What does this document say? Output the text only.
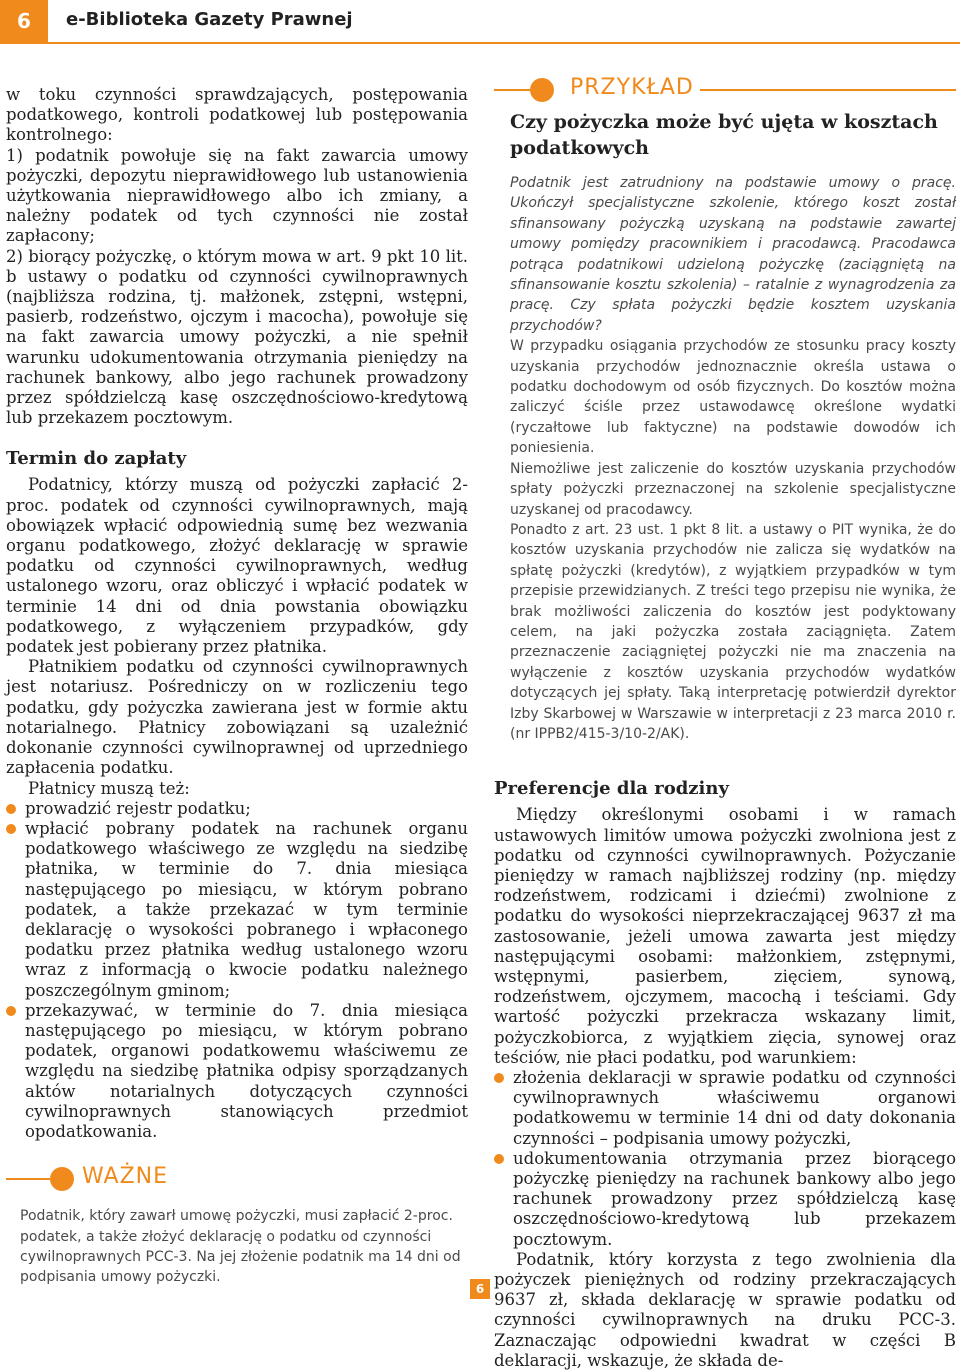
6	e-Biblioteka Gazety Prawnej

w toku czynności sprawdzających, postępowania podatkowego, kontroli podatkowej lub postępowania kontrolnego:

1) podatnik powołuje się na fakt zawarcia umowy pożyczki, depozytu nieprawidłowego lub ustanowienia użytkowania nieprawidłowego albo ich zmiany, a należny podatek od tych czynności nie został zapłacony;

2) biorący pożyczkę, o którym mowa w art. 9 pkt 10 lit. b ustawy o podatku od czynności cywilnoprawnych (najbliższa rodzina, tj. małżonek, zstępni, wstępni, pasierb, rodzeństwo, ojczym i macocha), powołuje się na fakt zawarcia umowy pożyczki, a nie spełnił warunku udokumentowania otrzymania pieniędzy na rachunek bankowy, albo jego rachunek prowadzony przez spółdzielczą kasę oszczędnościowo-kredytową lub przekazem pocztowym.

Termin do zapłaty

Podatnicy, którzy muszą od pożyczki zapłacić 2-proc. podatek od czynności cywilnoprawnych, mają obowiązek wpłacić odpowiednią sumę bez wezwania organu podatkowego, złożyć deklarację w sprawie podatku od czynności cywilnoprawnych, według ustalonego wzoru, oraz obliczyć i wpłacić podatek w terminie 14 dni od dnia powstania obowiązku podatkowego, z wyłączeniem przypadków, gdy podatek jest pobierany przez płatnika.

Płatnikiem podatku od czynności cywilnoprawnych jest notariusz. Pośredniczy on w rozliczeniu tego podatku, gdy pożyczka zawierana jest w formie aktu notarialnego. Płatnicy zobowiązani są uzależnić dokonanie czynności cywilnoprawnej od uprzedniego zapłacenia podatku.

Płatnicy muszą też:

prowadzić rejestr podatku;
wpłacić pobrany podatek na rachunek organu podatkowego właściwego ze względu na siedzibę płatnika, w terminie do 7. dnia miesiąca następującego po miesiącu, w którym pobrano podatek, a także przekazać w tym terminie deklarację o wysokości pobranego i wpłaconego podatku przez płatnika według ustalonego wzoru wraz z informacją o kwocie podatku należnego poszczególnym gminom;
przekazywać, w terminie do 7. dnia miesiąca następującego po miesiącu, w którym pobrano podatek, organowi podatkowemu właściwemu ze względu na siedzibę płatnika odpisy sporządzanych aktów notarialnych dotyczących czynności cywilnoprawnych stanowiących przedmiot opodatkowania.
WAŻNE

Podatnik, który zawarł umowę pożyczki, musi zapłacić 2-proc. podatek, a także złożyć deklarację o podatku od czynności cywilnoprawnych PCC-3. Na jej złożenie podatnik ma 14 dni od podpisania umowy pożyczki.

PRZYKŁAD
Czy pożyczka może być ujęta w kosztach podatkowych

Podatnik jest zatrudniony na podstawie umowy o pracę. Ukończył specjalistyczne szkolenie, którego koszt został sfinansowany pożyczką uzyskaną na podstawie zawartej umowy pomiędzy pracownikiem i pracodawcą. Pracodawca potrąca podatnikowi udzieloną pożyczkę (zaciągniętą na sfinansowanie kosztu szkolenia) – ratalnie z wynagrodzenia za pracę. Czy spłata pożyczki będzie kosztem uzyskania przychodów?

W przypadku osiągania przychodów ze stosunku pracy koszty uzyskania przychodów jednoznacznie określa ustawa o podatku dochodowym od osób fizycznych. Do kosztów można zaliczyć ściśle przez ustawodawcę określone wydatki (ryczałtowe lub faktyczne) na podstawie dowodów ich poniesienia.

Niemożliwe jest zaliczenie do kosztów uzyskania przychodów spłaty pożyczki przeznaczonej na szkolenie specjalistyczne uzyskanej od pracodawcy.

Ponadto z art. 23 ust. 1 pkt 8 lit. a ustawy o PIT wynika, że do kosztów uzyskania przychodów nie zalicza się wydatków na spłatę pożyczki (kredytów), z wyjątkiem przypadków w tym przepisie przewidzianych. Z treści tego przepisu nie wynika, że brak możliwości zaliczenia do kosztów jest podyktowany celem, na jaki pożyczka została zaciągnięta. Zatem przeznaczenie zaciągniętej pożyczki nie ma znaczenia na wyłączenie z kosztów uzyskania przychodów wydatków dotyczących jej spłaty. Taką interpretację potwierdził dyrektor Izby Skarbowej w Warszawie w interpretacji z 23 marca 2010 r. (nr IPPB2/415-3/10-2/AK).

Preferencje dla rodziny

Między określonymi osobami i w ramach ustawowych limitów umowa pożyczki zwolniona jest z podatku od czynności cywilnoprawnych. Pożyczanie pieniędzy w ramach najbliższej rodziny (np. między rodzeństwem, rodzicami i dziećmi) zwolnione z podatku do wysokości nieprzekraczającej 9637 zł ma zastosowanie, jeżeli umowa zawarta jest między następującymi osobami: małżonkiem, zstępnymi, wstępnymi, pasierbem, zięciem, synową, rodzeństwem, ojczymem, macochą i teściami. Gdy wartość pożyczki przekracza wskazany limit, pożyczkobiorca, z wyjątkiem zięcia, synowej oraz teściów, nie płaci podatku, pod warunkiem:

złożenia deklaracji w sprawie podatku od czynności cywilnoprawnych właściwemu organowi podatkowemu w terminie 14 dni od daty dokonania czynności – podpisania umowy pożyczki,
udokumentowania otrzymania przez biorącego pożyczkę pieniędzy na rachunek bankowy albo jego rachunek prowadzony przez spółdzielczą kasę oszczędnościowo-kredytową lub przekazem pocztowym.

Podatnik, który korzysta z tego zwolnienia dla pożyczek pieniężnych od rodziny przekraczających 9637 zł, składa deklarację w sprawie podatku od czynności cywilnoprawnych na druku PCC-3. Zaznaczając odpowiedni kwadrat w części B deklaracji, wskazuje, że składa de-

6
